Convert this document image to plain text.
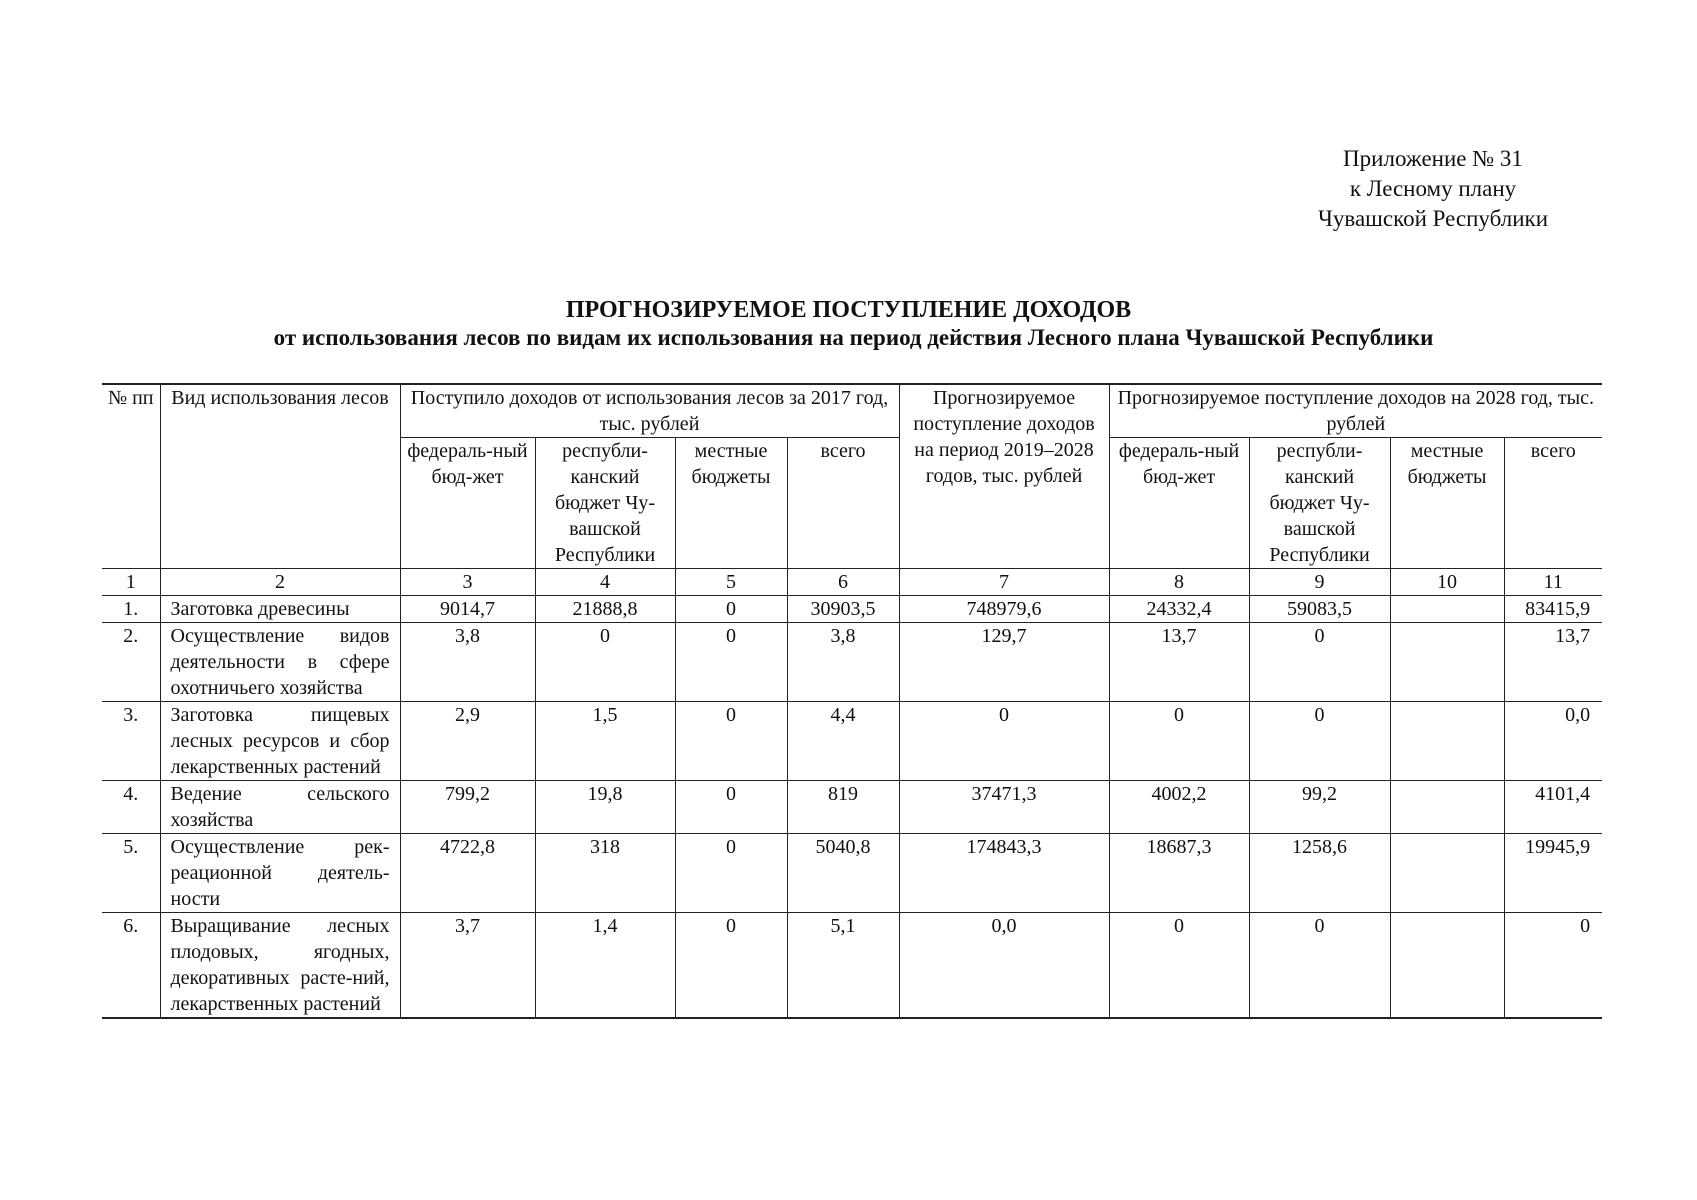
Приложение № 31
к Лесному плану
Чувашской Республики
ПРОГНОЗИРУЕМОЕ ПОСТУПЛЕНИЕ ДОХОДОВ
от использования лесов по видам их использования на период действия Лесного плана Чувашской Республики
№ пп	Вид использования лесов	Поступило доходов от использования лесов за 2017 год, тыс. рублей				Прогнозируемое поступление доходов на период 2019–2028 годов, тыс. рублей	Прогнозируемое поступление доходов на 2028 год, тыс. рублей			
		федераль-ный бюд-жет	республи-канский бюджет Чу-вашской Республики	местные бюджеты	всего		федераль-ный бюд-жет	республи-канский бюджет Чу-вашской Республики	местные бюджеты	всего
1	2	3	4	5	6	7	8	9	10	11
1.	Заготовка древесины	9014,7	21888,8	0	30903,5	748979,6	24332,4	59083,5		83415,9
2.	Осуществление видов деятельности в сфере охотничьего хозяйства	3,8	0	0	3,8	129,7	13,7	0		13,7
3.	Заготовка пищевых лесных ресурсов и сбор лекарственных растений	2,9	1,5	0	4,4	0	0	0		0,0
4.	Ведение сельского хозяйства	799,2	19,8	0	819	37471,3	4002,2	99,2		4101,4
5.	Осуществление рек-реационной деятель-ности	4722,8	318	0	5040,8	174843,3	18687,3	1258,6		19945,9
6.	Выращивание лесных плодовых, ягодных, декоративных расте-ний, лекарственных растений	3,7	1,4	0	5,1	0,0	0	0		0
